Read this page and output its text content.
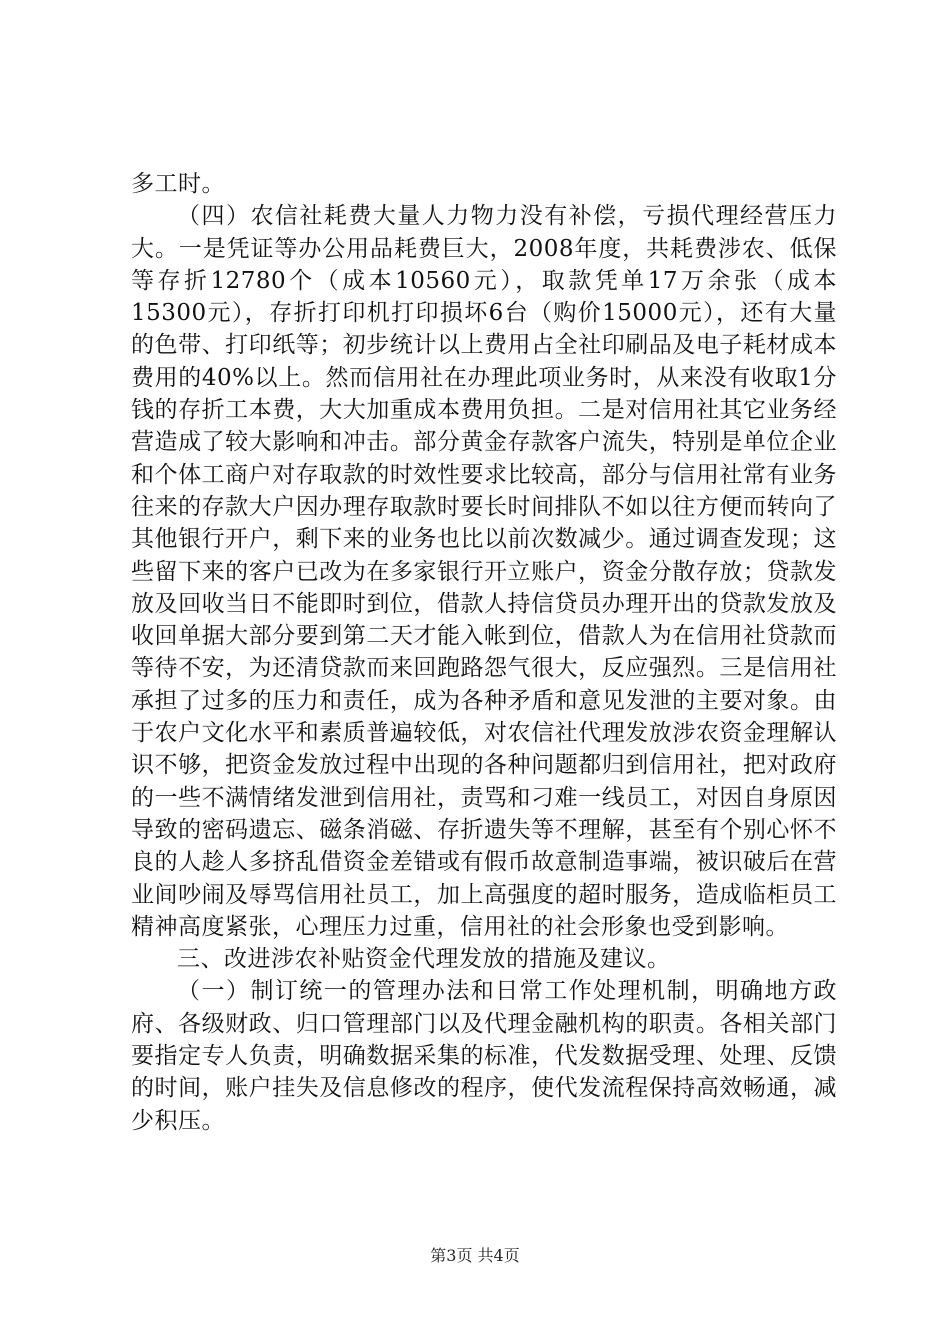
多工时。

（四）农信社耗费大量人力物力没有补偿，亏损代理经营压力大。一是凭证等办公用品耗费巨大，2008年度，共耗费涉农、低保等存折12780个（成本10560元），取款凭单17万余张（成本15300元），存折打印机打印损坏6台（购价15000元），还有大量的色带、打印纸等；初步统计以上费用占全社印刷品及电子耗材成本费用的40%以上。然而信用社在办理此项业务时，从来没有收取1分钱的存折工本费，大大加重成本费用负担。二是对信用社其它业务经营造成了较大影响和冲击。部分黄金存款客户流失，特别是单位企业和个体工商户对存取款的时效性要求比较高，部分与信用社常有业务往来的存款大户因办理存取款时要长时间排队不如以往方便而转向了其他银行开户，剩下来的业务也比以前次数减少。通过调查发现；这些留下来的客户已改为在多家银行开立账户，资金分散存放；贷款发放及回收当日不能即时到位，借款人持信贷员办理开出的贷款发放及收回单据大部分要到第二天才能入帐到位，借款人为在信用社贷款而等待不安，为还清贷款而来回跑路怨气很大，反应强烈。三是信用社承担了过多的压力和责任，成为各种矛盾和意见发泄的主要对象。由于农户文化水平和素质普遍较低，对农信社代理发放涉农资金理解认识不够，把资金发放过程中出现的各种问题都归到信用社，把对政府的一些不满情绪发泄到信用社，责骂和刁难一线员工，对因自身原因导致的密码遗忘、磁条消磁、存折遗失等不理解，甚至有个别心怀不良的人趁人多挤乱借资金差错或有假币故意制造事端，被识破后在营业间吵闹及辱骂信用社员工，加上高强度的超时服务，造成临柜员工精神高度紧张，心理压力过重，信用社的社会形象也受到影响。

三、改进涉农补贴资金代理发放的措施及建议。

（一）制订统一的管理办法和日常工作处理机制，明确地方政府、各级财政、归口管理部门以及代理金融机构的职责。各相关部门要指定专人负责，明确数据采集的标准，代发数据受理、处理、反馈的时间，账户挂失及信息修改的程序，使代发流程保持高效畅通，减少积压。

第3页 共4页
